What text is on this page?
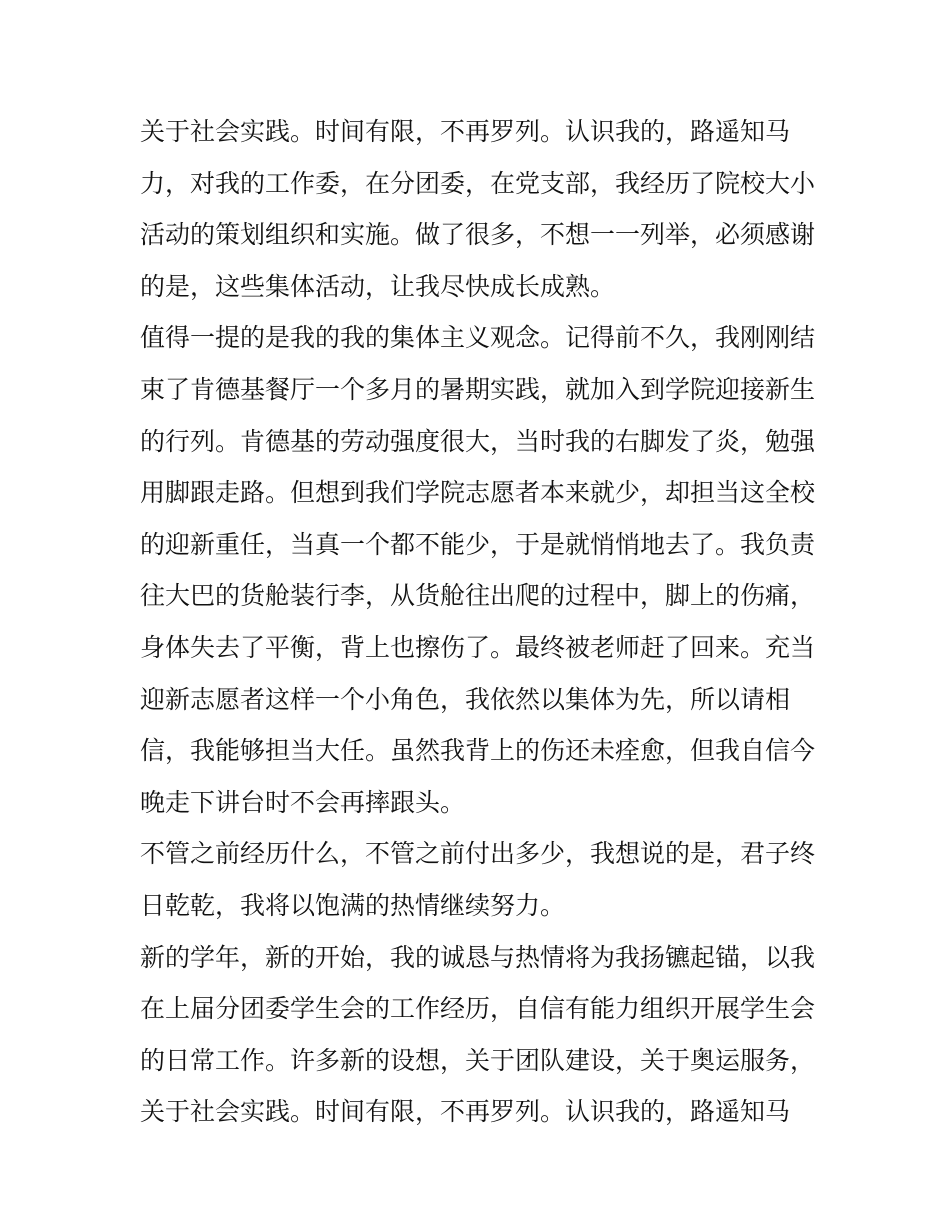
关于社会实践。时间有限，不再罗列。认识我的，路遥知马
力，对我的工作委，在分团委，在党支部，我经历了院校大小
活动的策划组织和实施。做了很多，不想一一列举，必须感谢
的是，这些集体活动，让我尽快成长成熟。
值得一提的是我的我的集体主义观念。记得前不久，我刚刚结
束了肯德基餐厅一个多月的暑期实践，就加入到学院迎接新生
的行列。肯德基的劳动强度很大，当时我的右脚发了炎，勉强
用脚跟走路。但想到我们学院志愿者本来就少，却担当这全校
的迎新重任，当真一个都不能少，于是就悄悄地去了。我负责
往大巴的货舱装行李，从货舱往出爬的过程中，脚上的伤痛，
身体失去了平衡，背上也擦伤了。最终被老师赶了回来。充当
迎新志愿者这样一个小角色，我依然以集体为先，所以请相
信，我能够担当大任。虽然我背上的伤还未痊愈，但我自信今
晚走下讲台时不会再摔跟头。
不管之前经历什么，不管之前付出多少，我想说的是，君子终
日乾乾，我将以饱满的热情继续努力。
新的学年，新的开始，我的诚恳与热情将为我扬镳起锚，以我
在上届分团委学生会的工作经历，自信有能力组织开展学生会
的日常工作。许多新的设想，关于团队建设，关于奥运服务，
关于社会实践。时间有限，不再罗列。认识我的，路遥知马
